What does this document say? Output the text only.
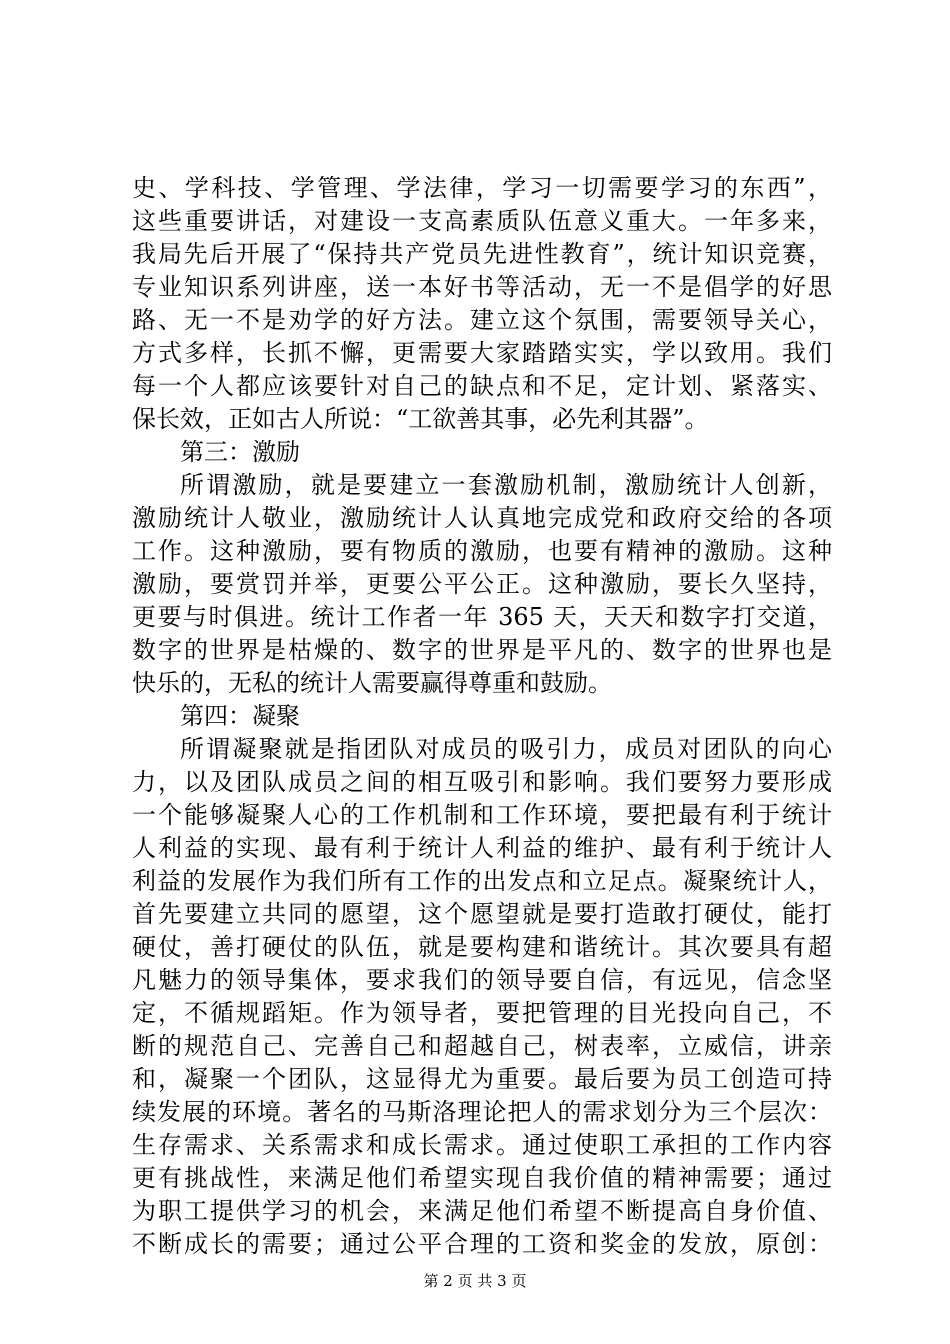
史、学科技、学管理、学法律，学习一切需要学习的东西”，
这些重要讲话，对建设一支高素质队伍意义重大。一年多来，
我局先后开展了“保持共产党员先进性教育”，统计知识竞赛，
专业知识系列讲座，送一本好书等活动，无一不是倡学的好思
路、无一不是劝学的好方法。建立这个氛围，需要领导关心，
方式多样，长抓不懈，更需要大家踏踏实实，学以致用。我们
每一个人都应该要针对自己的缺点和不足，定计划、紧落实、
保长效，正如古人所说：“工欲善其事，必先利其器”。
第三：激励
所谓激励，就是要建立一套激励机制，激励统计人创新，
激励统计人敬业，激励统计人认真地完成党和政府交给的各项
工作。这种激励，要有物质的激励，也要有精神的激励。这种
激励，要赏罚并举，更要公平公正。这种激励，要长久坚持，
更要与时俱进。统计工作者一年 365 天，天天和数字打交道，
数字的世界是枯燥的、数字的世界是平凡的、数字的世界也是
快乐的，无私的统计人需要赢得尊重和鼓励。
第四：凝聚
所谓凝聚就是指团队对成员的吸引力，成员对团队的向心
力，以及团队成员之间的相互吸引和影响。我们要努力要形成
一个能够凝聚人心的工作机制和工作环境，要把最有利于统计
人利益的实现、最有利于统计人利益的维护、最有利于统计人
利益的发展作为我们所有工作的出发点和立足点。凝聚统计人，
首先要建立共同的愿望，这个愿望就是要打造敢打硬仗，能打
硬仗，善打硬仗的队伍，就是要构建和谐统计。其次要具有超
凡魅力的领导集体，要求我们的领导要自信，有远见，信念坚
定，不循规蹈矩。作为领导者，要把管理的目光投向自己，不
断的规范自己、完善自己和超越自己，树表率，立威信，讲亲
和，凝聚一个团队，这显得尤为重要。最后要为员工创造可持
续发展的环境。著名的马斯洛理论把人的需求划分为三个层次：
生存需求、关系需求和成长需求。通过使职工承担的工作内容
更有挑战性，来满足他们希望实现自我价值的精神需要；通过
为职工提供学习的机会，来满足他们希望不断提高自身价值、
不断成长的需要；通过公平合理的工资和奖金的发放，原创：
第 2 页 共 3 页
